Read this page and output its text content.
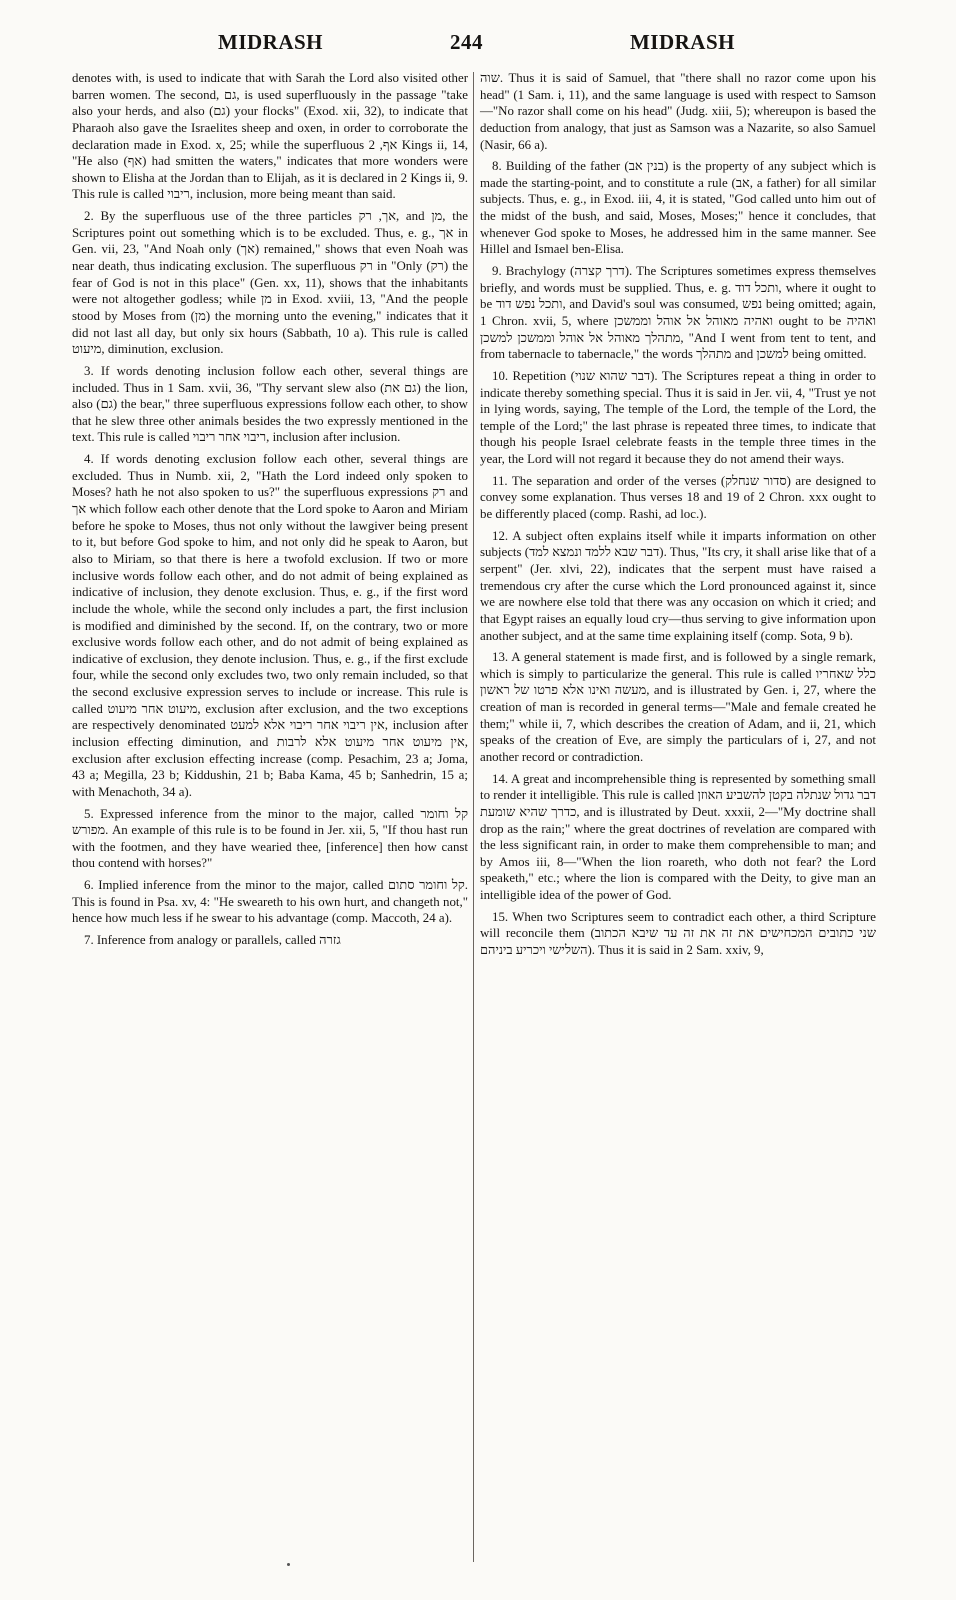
MIDRASH	244	MIDRASH

denotes with, is used to indicate that with Sarah the Lord also visited other barren women. The second, גם, is used superfluously in the passage "take also your herds, and also (גם) your flocks" (Exod. xii, 32), to indicate that Pharaoh also gave the Israelites sheep and oxen, in order to corroborate the declaration made in Exod. x, 25; while the superfluous אף, 2 Kings ii, 14, "He also (אף) had smitten the waters," indicates that more wonders were shown to Elisha at the Jordan than to Elijah, as it is declared in 2 Kings ii, 9. This rule is called ריבוי, inclusion, more being meant than said.

2. By the superfluous use of the three particles אך, רק, and מן, the Scriptures point out something which is to be excluded. Thus, e. g., אך in Gen. vii, 23, "And Noah only (אך) remained," shows that even Noah was near death, thus indicating exclusion. The superfluous רק in "Only (רק) the fear of God is not in this place" (Gen. xx, 11), shows that the inhabitants were not altogether godless; while מן in Exod. xviii, 13, "And the people stood by Moses from (מן) the morning unto the evening," indicates that it did not last all day, but only six hours (Sabbath, 10 a). This rule is called מיעוט, diminution, exclusion.

3. If words denoting inclusion follow each other, several things are included. Thus in 1 Sam. xvii, 36, "Thy servant slew also (גם את) the lion, also (גם) the bear," three superfluous expressions follow each other, to show that he slew three other animals besides the two expressly mentioned in the text. This rule is called ריבוי אחר ריבוי, inclusion after inclusion.

4. If words denoting exclusion follow each other, several things are excluded. Thus in Numb. xii, 2, "Hath the Lord indeed only spoken to Moses? hath he not also spoken to us?" the superfluous expressions רק and אך which follow each other denote that the Lord spoke to Aaron and Miriam before he spoke to Moses, thus not only without the lawgiver being present to it, but before God spoke to him, and not only did he speak to Aaron, but also to Miriam, so that there is here a twofold exclusion. If two or more inclusive words follow each other, and do not admit of being explained as indicative of inclusion, they denote exclusion. Thus, e. g., if the first word include the whole, while the second only includes a part, the first inclusion is modified and diminished by the second. If, on the contrary, two or more exclusive words follow each other, and do not admit of being explained as indicative of exclusion, they denote inclusion. Thus, e. g., if the first exclude four, while the second only excludes two, two only remain included, so that the second exclusive expression serves to include or increase. This rule is called מיעוט אחר מיעוט, exclusion after exclusion, and the two exceptions are respectively denominated אין ריבוי אחר ריבוי אלא למעט, inclusion after inclusion effecting diminution, and אין מיעוט אחר מיעוט אלא לרבות, exclusion after exclusion effecting increase (comp. Pesachim, 23 a; Joma, 43 a; Megilla, 23 b; Kiddushin, 21 b; Baba Kama, 45 b; Sanhedrin, 15 a; with Menachoth, 34 a).

5. Expressed inference from the minor to the major, called קל וחומר מפורש. An example of this rule is to be found in Jer. xii, 5, "If thou hast run with the footmen, and they have wearied thee, [inference] then how canst thou contend with horses?"

6. Implied inference from the minor to the major, called קל וחומר סתום. This is found in Psa. xv, 4: "He sweareth to his own hurt, and changeth not," hence how much less if he swear to his advantage (comp. Maccoth, 24 a).

7. Inference from analogy or parallels, called גזרה

שוה. Thus it is said of Samuel, that "there shall no razor come upon his head" (1 Sam. i, 11), and the same language is used with respect to Samson—"No razor shall come on his head" (Judg. xiii, 5); whereupon is based the deduction from analogy, that just as Samson was a Nazarite, so also Samuel (Nasir, 66 a).

8. Building of the father (בנין אב) is the property of any subject which is made the starting-point, and to constitute a rule (אב, a father) for all similar subjects. Thus, e. g., in Exod. iii, 4, it is stated, "God called unto him out of the midst of the bush, and said, Moses, Moses;" hence it concludes, that whenever God spoke to Moses, he addressed him in the same manner. See Hillel and Ismael ben-Elisa.

9. Brachylogy (דרך קצרה). The Scriptures sometimes express themselves briefly, and words must be supplied. Thus, e. g. ותכל דוד, where it ought to be ותכל נפש דוד, and David's soul was consumed, נפש being omitted; again, 1 Chron. xvii, 5, where ואהיה מאוהל אל אוהל וממשכן ought to be ואהיה מתהלך מאוהל אל אוהל וממשכן למשכן, "And I went from tent to tent, and from tabernacle to tabernacle," the words מתהלך and למשכן being omitted.

10. Repetition (דבר שהוא שנוי). The Scriptures repeat a thing in order to indicate thereby something special. Thus it is said in Jer. vii, 4, "Trust ye not in lying words, saying, The temple of the Lord, the temple of the Lord, the temple of the Lord;" the last phrase is repeated three times, to indicate that though his people Israel celebrate feasts in the temple three times in the year, the Lord will not regard it because they do not amend their ways.

11. The separation and order of the verses (סדור שנחלק) are designed to convey some explanation. Thus verses 18 and 19 of 2 Chron. xxx ought to be differently placed (comp. Rashi, ad loc.).

12. A subject often explains itself while it imparts information on other subjects (דבר שבא ללמד ונמצא למד). Thus, "Its cry, it shall arise like that of a serpent" (Jer. xlvi, 22), indicates that the serpent must have raised a tremendous cry after the curse which the Lord pronounced against it, since we are nowhere else told that there was any occasion on which it cried; and that Egypt raises an equally loud cry—thus serving to give information upon another subject, and at the same time explaining itself (comp. Sota, 9 b).

13. A general statement is made first, and is followed by a single remark, which is simply to particularize the general. This rule is called כלל שאחריו מעשה ואינו אלא פרטו של ראשון, and is illustrated by Gen. i, 27, where the creation of man is recorded in general terms—"Male and female created he them;" while ii, 7, which describes the creation of Adam, and ii, 21, which speaks of the creation of Eve, are simply the particulars of i, 27, and not another record or contradiction.

14. A great and incomprehensible thing is represented by something small to render it intelligible. This rule is called דבר גדול שנתלה בקטן להשביע האוזן כדרך שהיא שומעת, and is illustrated by Deut. xxxii, 2—"My doctrine shall drop as the rain;" where the great doctrines of revelation are compared with the less significant rain, in order to make them comprehensible to man; and by Amos iii, 8—"When the lion roareth, who doth not fear? the Lord speaketh," etc.; where the lion is compared with the Deity, to give man an intelligible idea of the power of God.

15. When two Scriptures seem to contradict each other, a third Scripture will reconcile them (שני כתובים המכחישים את זה את זה עד שיבא הכתוב השלישי ויכריע ביניהם). Thus it is said in 2 Sam. xxiv, 9,
